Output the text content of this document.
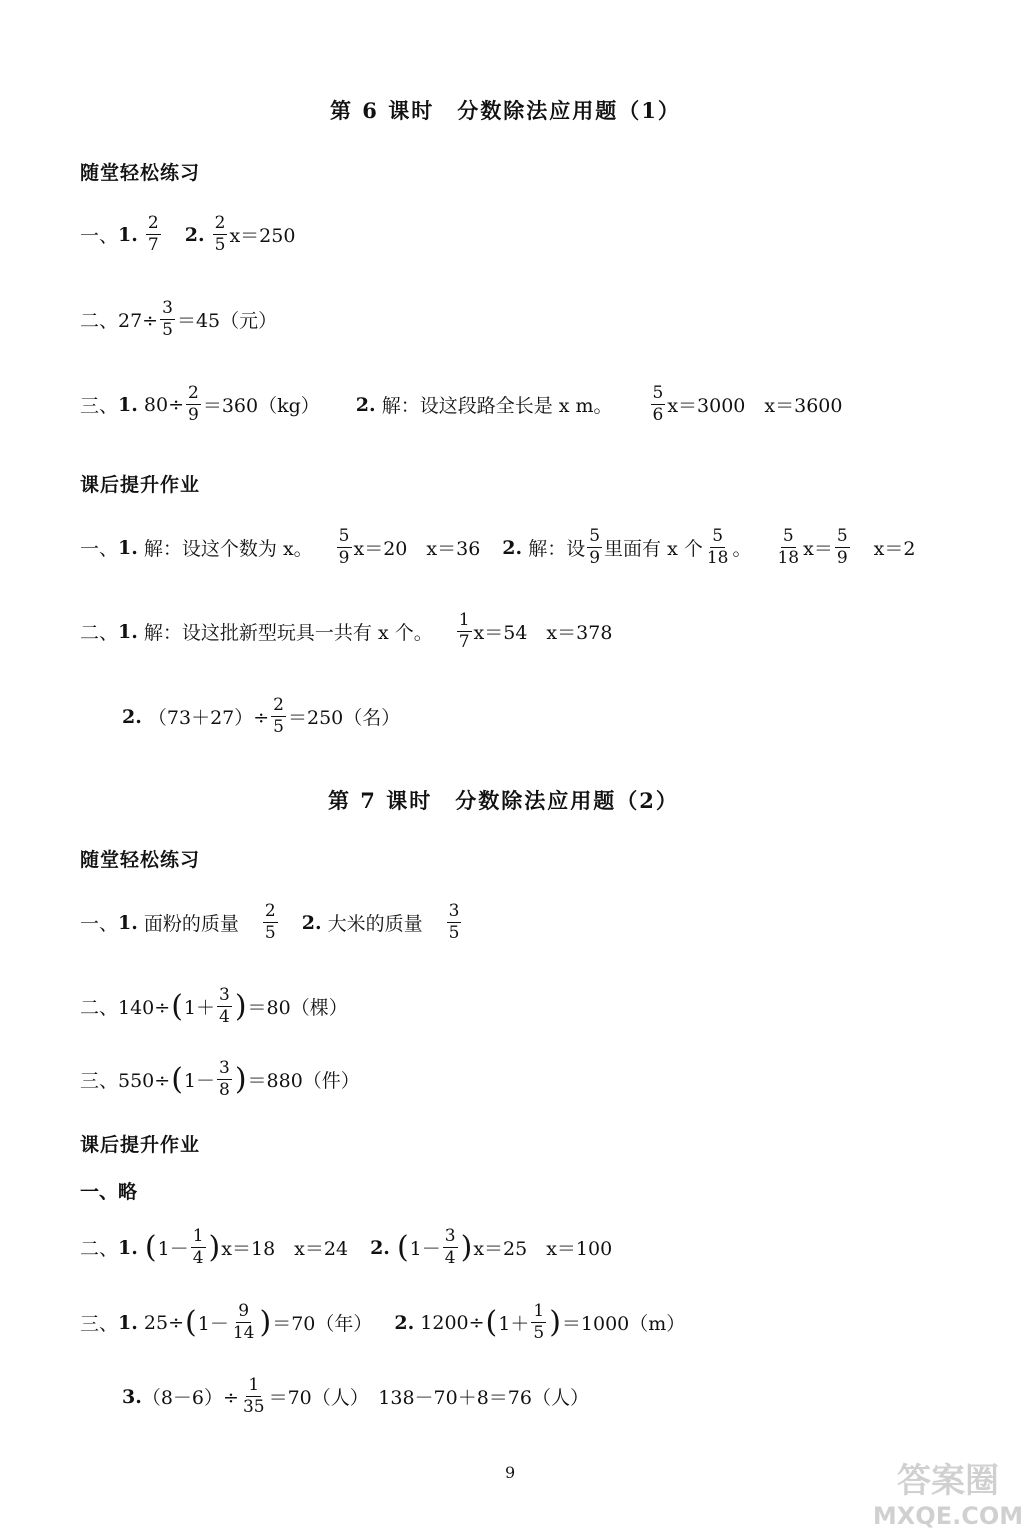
第 6 课时　分数除法应用题（1）
随堂轻松练习
一、 1.
$\frac{2}{7} 2$.
$\frac{2}{5} x=250$
二、$27\div \frac{3}{5} =45$（元）
三、 1.
$80\div \frac{2}{9} =360(kg)$ 2.
解：设这段路全长是 x m。 $\frac{5}{6} x=3000$　x＝3600
课后提升作业
一、 1.
解：设这个数为 x。 $\frac{5}{9} x=20$　x＝36 2.
解：设 $\frac{5}{9}$ 里面有 x 个 $\frac{5}{18}$ 。 $\frac{5}{18} x= \frac{5}{9} x=2$
二、 1.
解：设这批新型玩具一共有 x 个。 $\frac{1}{7} x=54$　x＝378
2.
$(73+27)\div \frac{2}{5} =250$（名）
第 7 课时　分数除法应用题（2）
随堂轻松练习
一、 1.
面粉的质量 $\frac{2}{5} 2$.
大米的质量 $\frac{3}{5}$
二、140÷ ( $1+ \frac{3}{4}$ ) ＝80（棵）
三、550÷ ( $1- \frac{3}{8}$ ) ＝880（件）
课后提升作业
一、略
二、 1.
( $1- \frac{1}{4}$ ) x＝18　x＝24 2.
( $1- \frac{3}{4}$ ) x＝25　x＝100
三、 1.
25÷ ( $1- \frac{9}{14}$ ) ＝70（年） 2.
1200÷ ( $1+ \frac{1}{5}$ ) ＝1000（m）
3. $(8-6)\div \frac{1}{35} =70$（人）　138－70＋8＝76（人）
9	答案圈
MXQE.COM
